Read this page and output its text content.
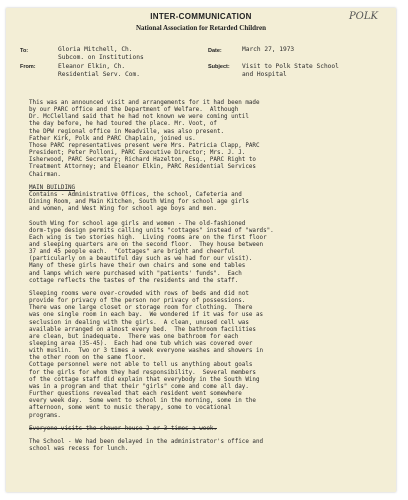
INTER-COMMUNICATION
National Association for Retarded Children
POLK
To:	Gloria Mitchell, Ch.
Subcom. on Institutions
From:	Eleanor Elkin, Ch.
Residential Serv. Com.
Date:	March 27, 1973
Subject: Visit to Polk State School
and Hospital
This was an announced visit and arrangements for it had been made
by our PARC office and the Department of Welfare.  Although
Dr. McClelland said that he had not known we were coming until
the day before, he had toured the place. Mr. Voot, of
the DPW regional office in Meadville, was also present.
Father Kirk, Polk and PARC Chaplain, joined us.
Those PARC representatives present were Mrs. Patricia Clapp, PARC
President; Peter Polloni, PARC Executive Director; Mrs. J. J.
Isherwood, PARC Secretary; Richard Hazelton, Esq., PARC Right to
Treatment Attorney; and Eleanor Elkin, PARC Residential Services
Chairman.
MAIN BUILDING
Contains - Administrative Offices, the school, Cafeteria and
Dining Room, and Main Kitchen, South Wing for school age girls
and women, and West Wing for school age boys and men.

South Wing for school age girls and women - The old-fashioned
dorm-type design permits calling units "cottages" instead of "wards".
Each wing is two stories high.  Living rooms are on the first floor
and sleeping quarters are on the second floor.  They house between
37 and 45 people each.  "Cottages" are bright and cheerful
(particularly on a beautiful day such as we had for our visit).
Many of these girls have their own chairs and some end tables
and lamps which were purchased with "patients' funds".  Each
cottage reflects the tastes of the residents and the staff.
Sleeping rooms were over-crowded with rows of beds and did not
provide for privacy of the person nor privacy of possessions.
There was one large closet or storage room for clothing.  There
was one single room in each bay.  We wondered if it was for use as
seclusion in dealing with the girls.  A clean, unused cell was
available arranged on almost every bed.  The bathroom facilities
are clean, but inadequate.  There was one bathroom for each
sleeping area (35-45).  Each had one tub which was covered over
with muslin.  Two or 3 times a week everyone washes and showers in
the other room on the same floor.
Cottage personnel were not able to tell us anything about goals
for the girls for whom they had responsibility.  Several members
of the cottage staff did explain that everybody in the South Wing
was in a program and that their "girls" come and come all day.
Further questions revealed that each resident went somewhere
every week day.  Some went to school in the morning, some in the
afternoon, some went to music therapy, some to vocational
programs.
Everyone visits the shower house 2 or 3 times a week.
The School - We had been delayed in the administrator's office and
school was recess for lunch.
